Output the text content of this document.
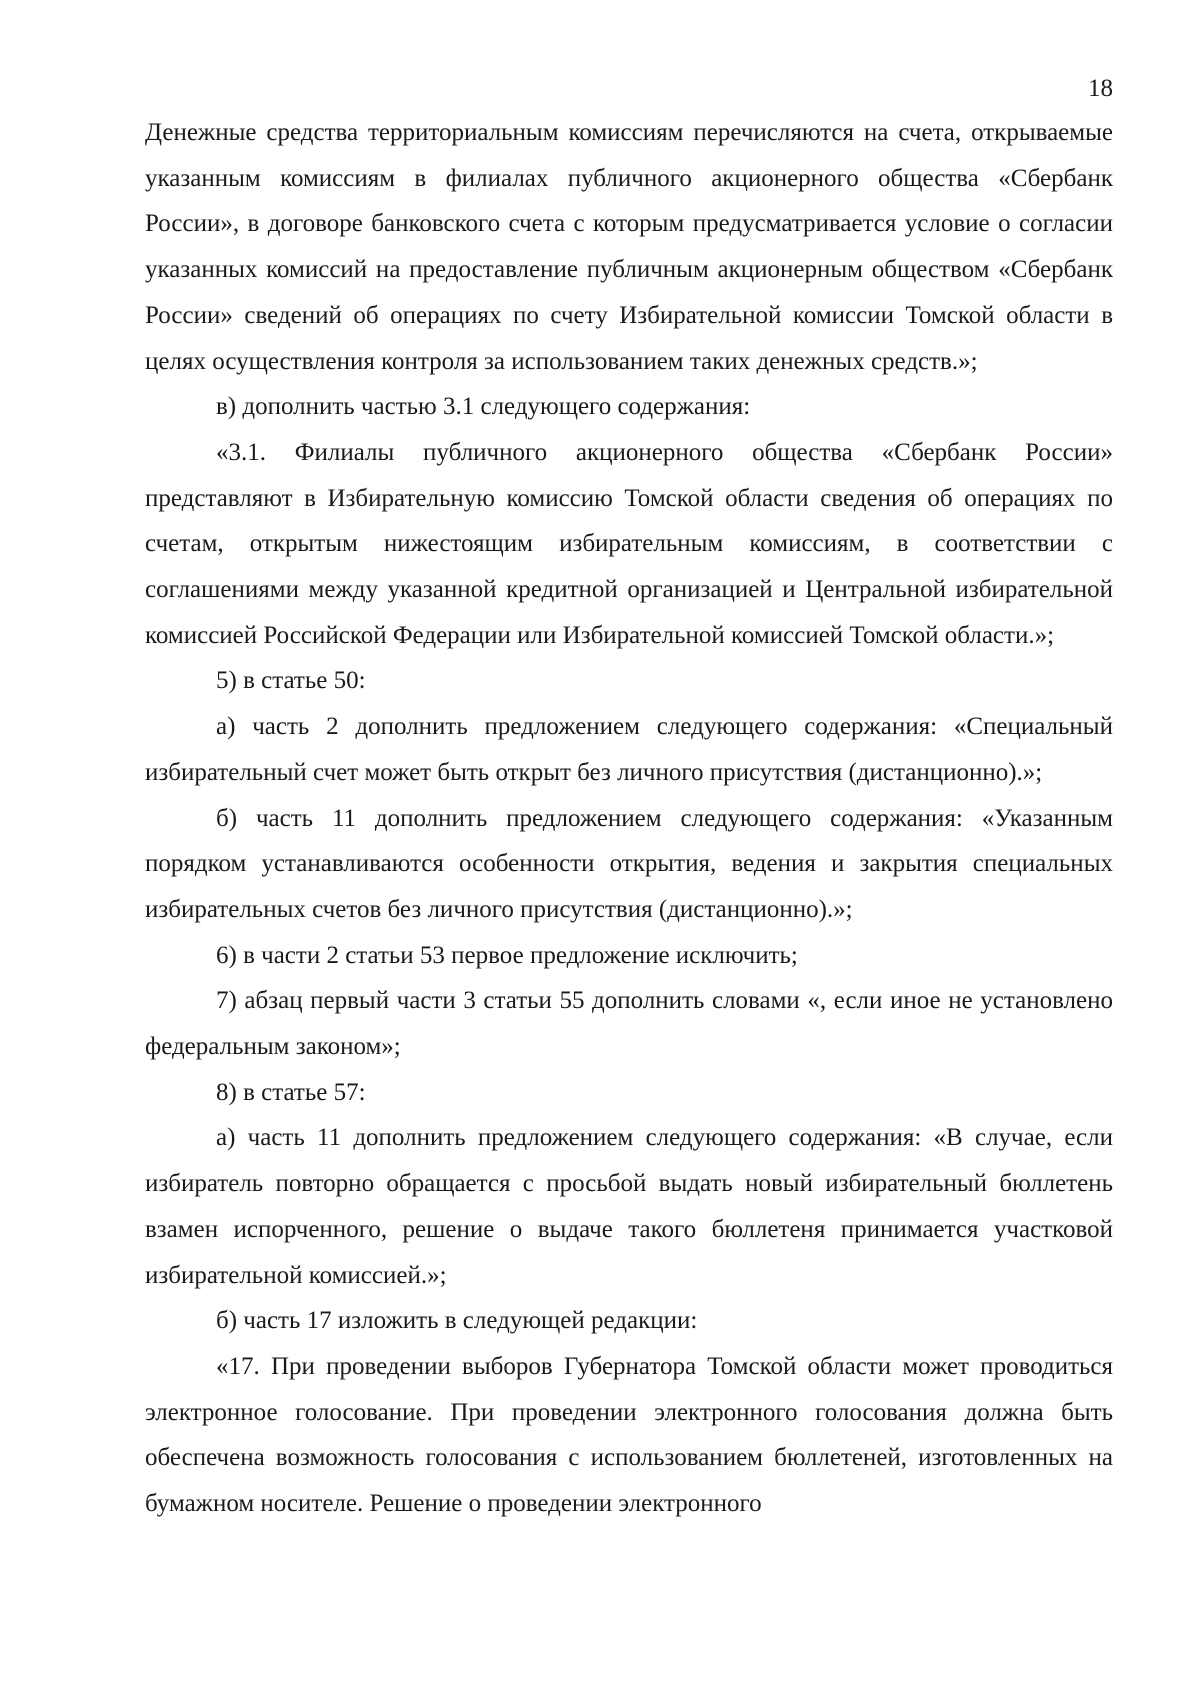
18

Денежные средства территориальным комиссиям перечисляются на счета, открываемые указанным комиссиям в филиалах публичного акционерного общества «Сбербанк России», в договоре банковского счета с которым предусматривается условие о согласии указанных комиссий на предоставление публичным акционерным обществом «Сбербанк России» сведений об операциях по счету Избирательной комиссии Томской области в целях осуществления контроля за использованием таких денежных средств.»;

в) дополнить частью 3.1 следующего содержания:

«3.1. Филиалы публичного акционерного общества «Сбербанк России» представляют в Избирательную комиссию Томской области сведения об операциях по счетам, открытым нижестоящим избирательным комиссиям, в соответствии с соглашениями между указанной кредитной организацией и Центральной избирательной комиссией Российской Федерации или Избирательной комиссией Томской области.»;

5) в статье 50:

а) часть 2 дополнить предложением следующего содержания: «Специальный избирательный счет может быть открыт без личного присутствия (дистанционно).»;

б) часть 11 дополнить предложением следующего содержания: «Указанным порядком устанавливаются особенности открытия, ведения и закрытия специальных избирательных счетов без личного присутствия (дистанционно).»;

6) в части 2 статьи 53 первое предложение исключить;

7) абзац первый части 3 статьи 55 дополнить словами «, если иное не установлено федеральным законом»;

8) в статье 57:

а) часть 11 дополнить предложением следующего содержания: «В случае, если избиратель повторно обращается с просьбой выдать новый избирательный бюллетень взамен испорченного, решение о выдаче такого бюллетеня принимается участковой избирательной комиссией.»;

б) часть 17 изложить в следующей редакции:

«17. При проведении выборов Губернатора Томской области может проводиться электронное голосование. При проведении электронного голосования должна быть обеспечена возможность голосования с использованием бюллетеней, изготовленных на бумажном носителе. Решение о проведении электронного
